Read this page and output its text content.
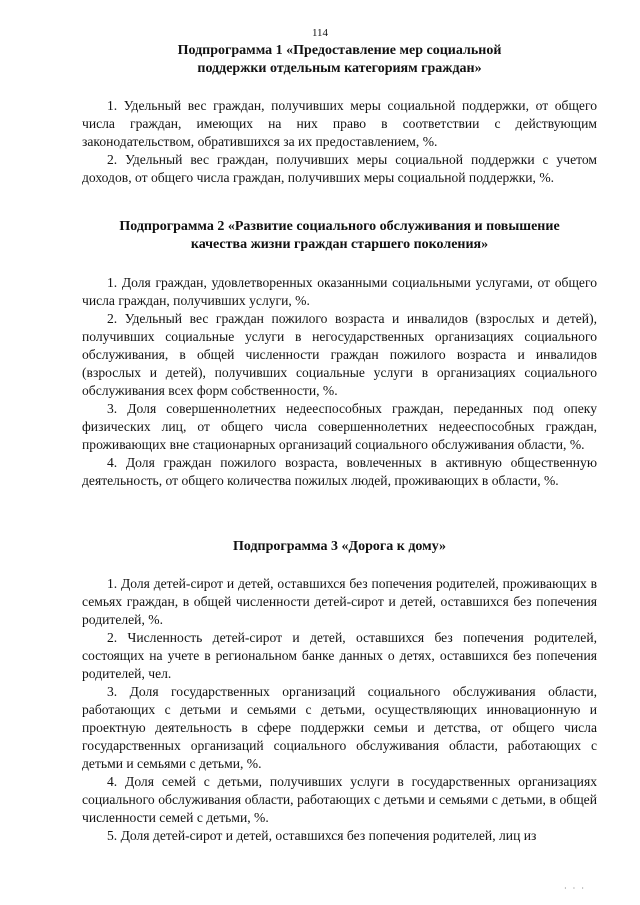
114
Подпрограмма 1 «Предоставление мер социальной
поддержки отдельным категориям граждан»

1. Удельный вес граждан, получивших меры социальной поддержки, от общего числа граждан, имеющих на них право в соответствии с действующим законодательством, обратившихся за их предоставлением, %.

2. Удельный вес граждан, получивших меры социальной поддержки с учетом доходов, от общего числа граждан, получивших меры социальной поддержки, %.

Подпрограмма 2 «Развитие социального обслуживания и повышение
качества жизни граждан старшего поколения»

1. Доля граждан, удовлетворенных оказанными социальными услугами, от общего числа граждан, получивших услуги, %.

2. Удельный вес граждан пожилого возраста и инвалидов (взрослых и детей), получивших социальные услуги в негосударственных организациях социального обслуживания, в общей численности граждан пожилого возраста и инвалидов (взрослых и детей), получивших социальные услуги в организациях социального обслуживания всех форм собственности, %.

3. Доля совершеннолетних недееспособных граждан, переданных под опеку физических лиц, от общего числа совершеннолетних недееспособных граждан, проживающих вне стационарных организаций социального обслуживания области, %.

4. Доля граждан пожилого возраста, вовлеченных в активную общественную деятельность, от общего количества пожилых людей, проживающих в области, %.

Подпрограмма 3 «Дорога к дому»

1. Доля детей-сирот и детей, оставшихся без попечения родителей, проживающих в семьях граждан, в общей численности детей-сирот и детей, оставшихся без попечения родителей, %.

2. Численность детей-сирот и детей, оставшихся без попечения родителей, состоящих на учете в региональном банке данных о детях, оставшихся без попечения родителей, чел.

3. Доля государственных организаций социального обслуживания области, работающих с детьми и семьями с детьми, осуществляющих инновационную и проектную деятельность в сфере поддержки семьи и детства, от общего числа государственных организаций социального обслуживания области, работающих с детьми и семьями с детьми, %.

4. Доля семей с детьми, получивших услуги в государственных организациях социального обслуживания области, работающих с детьми и семьями с детьми, в общей численности семей с детьми, %.

5. Доля детей-сирот и детей, оставшихся без попечения родителей, лиц из

· · ·
